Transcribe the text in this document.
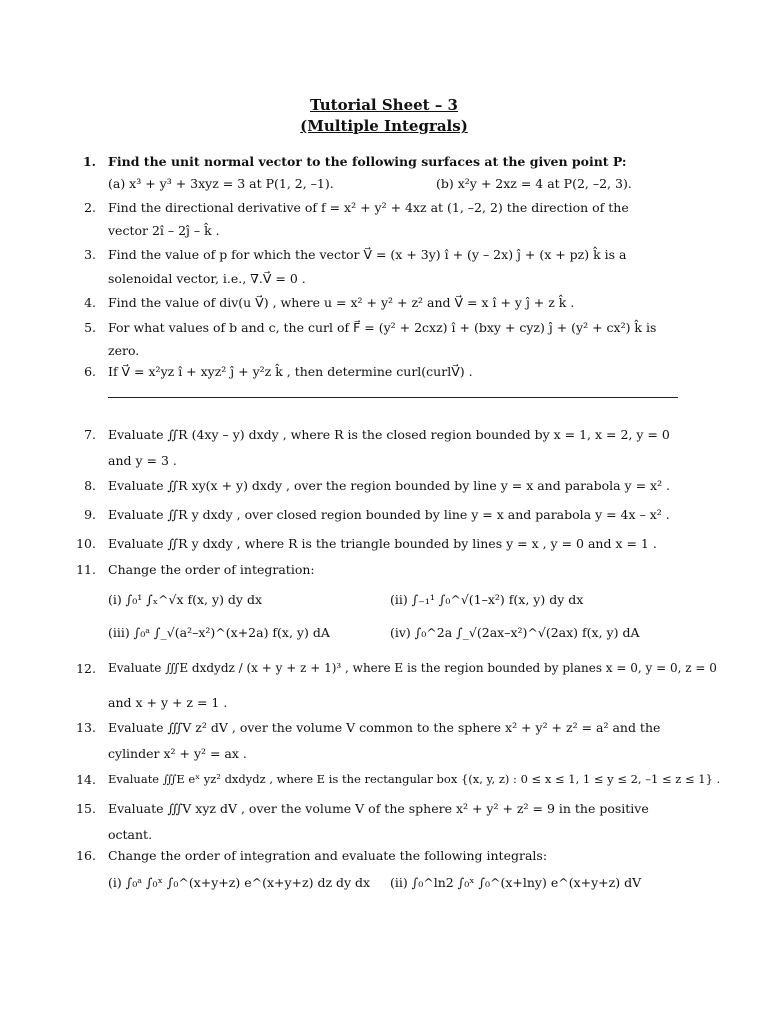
Tutorial Sheet – 3
(Multiple Integrals)
1. Find the unit normal vector to the following surfaces at the given point P:
(a) x³ + y³ + 3xyz = 3 at P(1, 2, –1).	(b) x²y + 2xz = 4 at P(2, –2, 3).
2. Find the directional derivative of f = x² + y² + 4xz at (1, –2, 2) the direction of the
vector 2î – 2ĵ – k̂ .
3. Find the value of p for which the vector V⃗ = (x + 3y) î + (y – 2x) ĵ + (x + pz) k̂ is a
solenoidal vector, i.e., ∇.V⃗ = 0 .
4. Find the value of div(u V⃗) , where u = x² + y² + z² and V⃗ = x î + y ĵ + z k̂ .
5. For what values of b and c, the curl of F⃗ = (y² + 2cxz) î + (bxy + cyz) ĵ + (y² + cx²) k̂ is
zero.
6. If V⃗ = x²yz î + xyz² ĵ + y²z k̂ , then determine curl(curlV⃗) .
7. Evaluate ∬R (4xy – y) dxdy , where R is the closed region bounded by x = 1, x = 2, y = 0
and y = 3 .
8. Evaluate ∬R xy(x + y) dxdy , over the region bounded by line y = x and parabola y = x² .
9. Evaluate ∬R y dxdy , over closed region bounded by line y = x and parabola y = 4x – x² .
10. Evaluate ∬R y dxdy , where R is the triangle bounded by lines y = x , y = 0 and x = 1 .
11. Change the order of integration:
(i) ∫₀¹ ∫ₓ^√x f(x, y) dy dx	(ii) ∫₋₁¹ ∫₀^√(1–x²) f(x, y) dy dx
(iii) ∫₀ᵃ ∫_√(a²–x²)^(x+2a) f(x, y) dA	(iv) ∫₀^2a ∫_√(2ax–x²)^√(2ax) f(x, y) dA
12. Evaluate ∭E dxdydz / (x + y + z + 1)³ , where E is the region bounded by planes x = 0, y = 0, z = 0
and x + y + z = 1 .
13. Evaluate ∭V z² dV , over the volume V common to the sphere x² + y² + z² = a² and the
cylinder x² + y² = ax .
14. Evaluate ∭E eˣ yz² dxdydz , where E is the rectangular box {(x, y, z) : 0 ≤ x ≤ 1, 1 ≤ y ≤ 2, –1 ≤ z ≤ 1} .
15. Evaluate ∭V xyz dV , over the volume V of the sphere x² + y² + z² = 9 in the positive
octant.
16. Change the order of integration and evaluate the following integrals:
(i) ∫₀ᵃ ∫₀ˣ ∫₀^(x+y+z) e^(x+y+z) dz dy dx	(ii) ∫₀^ln2 ∫₀ˣ ∫₀^(x+lny) e^(x+y+z) dV
